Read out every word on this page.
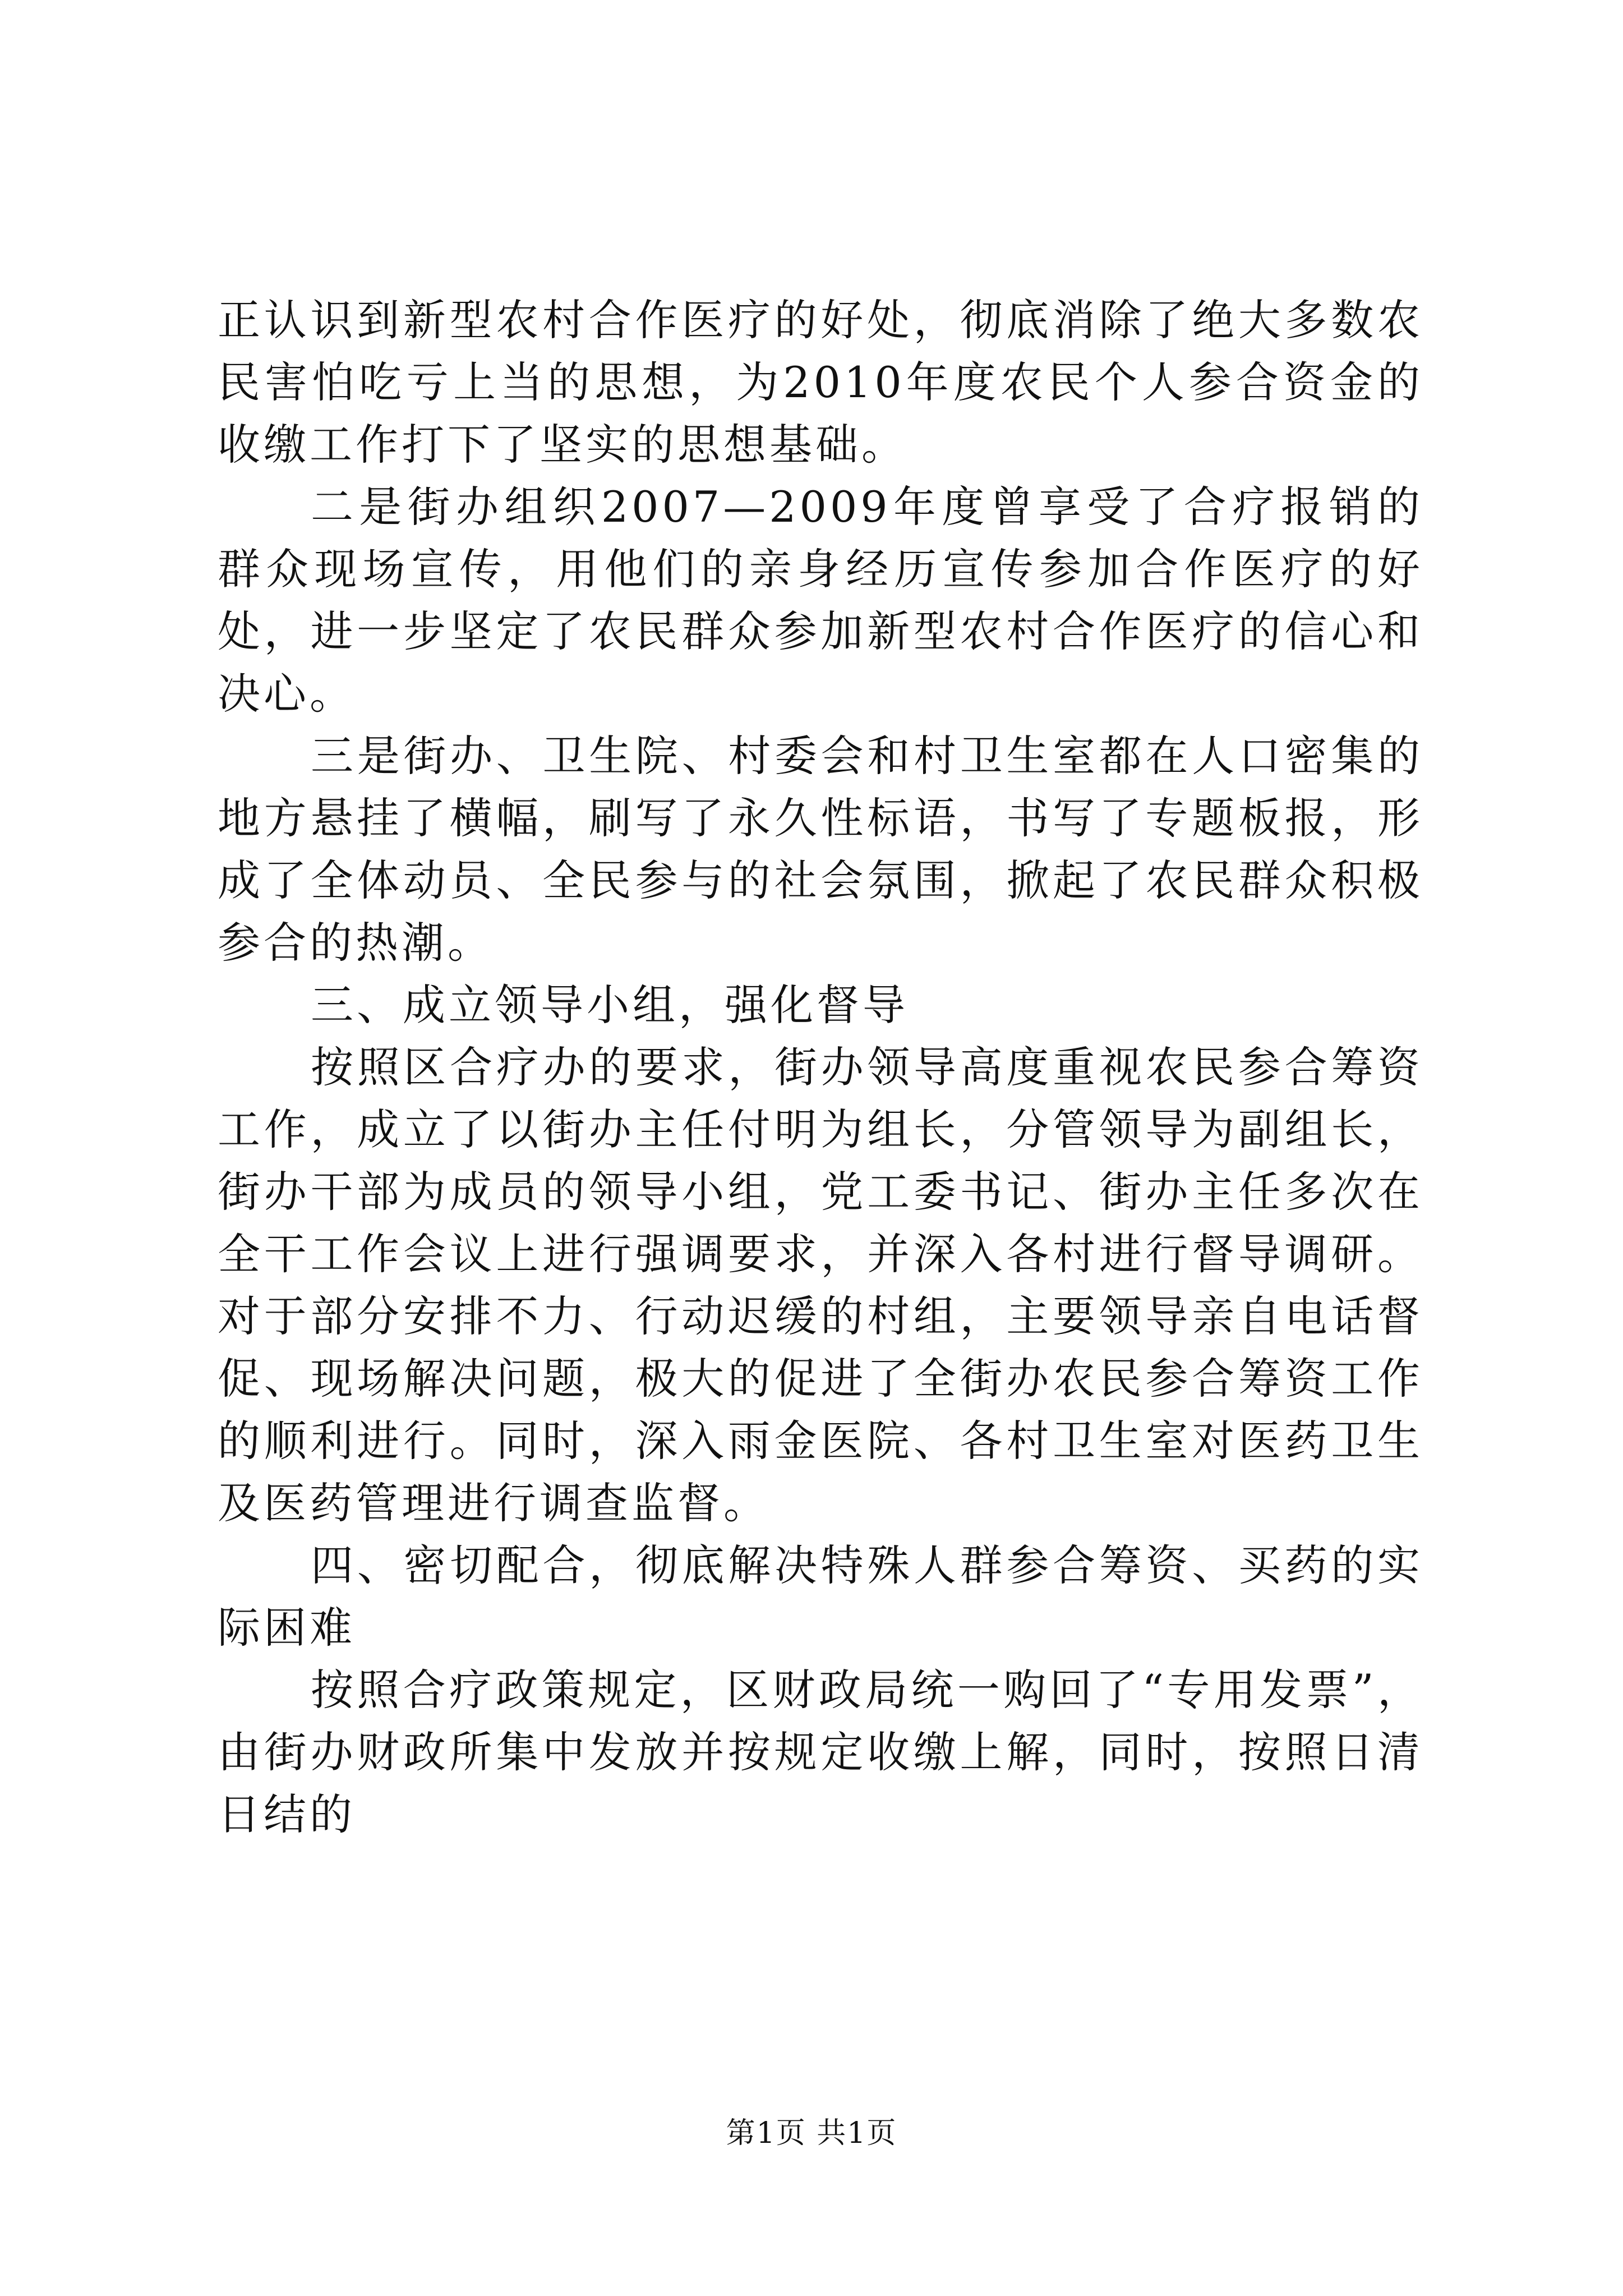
正认识到新型农村合作医疗的好处，彻底消除了绝大多数农民害怕吃亏上当的思想，为2010年度农民个人参合资金的收缴工作打下了坚实的思想基础。

二是街办组织2007—2009年度曾享受了合疗报销的群众现场宣传，用他们的亲身经历宣传参加合作医疗的好处，进一步坚定了农民群众参加新型农村合作医疗的信心和决心。

三是街办、卫生院、村委会和村卫生室都在人口密集的地方悬挂了横幅，刷写了永久性标语，书写了专题板报，形成了全体动员、全民参与的社会氛围，掀起了农民群众积极参合的热潮。

三、成立领导小组，强化督导

按照区合疗办的要求，街办领导高度重视农民参合筹资工作，成立了以街办主任付明为组长，分管领导为副组长，街办干部为成员的领导小组，党工委书记、街办主任多次在全干工作会议上进行强调要求，并深入各村进行督导调研。对于部分安排不力、行动迟缓的村组，主要领导亲自电话督促、现场解决问题，极大的促进了全街办农民参合筹资工作的顺利进行。同时，深入雨金医院、各村卫生室对医药卫生及医药管理进行调查监督。

四、密切配合，彻底解决特殊人群参合筹资、买药的实际困难

按照合疗政策规定，区财政局统一购回了“专用发票”，由街办财政所集中发放并按规定收缴上解，同时，按照日清日结的

第1页 共1页
